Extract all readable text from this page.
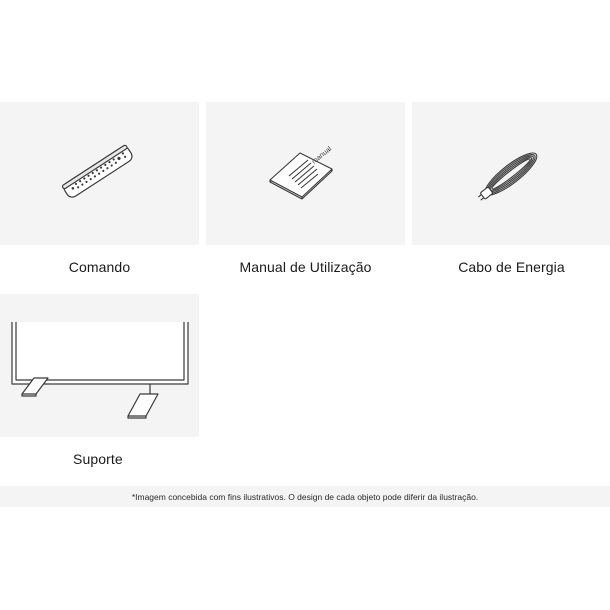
Comando
manual
Manual de Utilização	Cabo de Energia
Suporte
*Imagem concebida com fins ilustrativos. O design de cada objeto pode diferir da ilustração.
